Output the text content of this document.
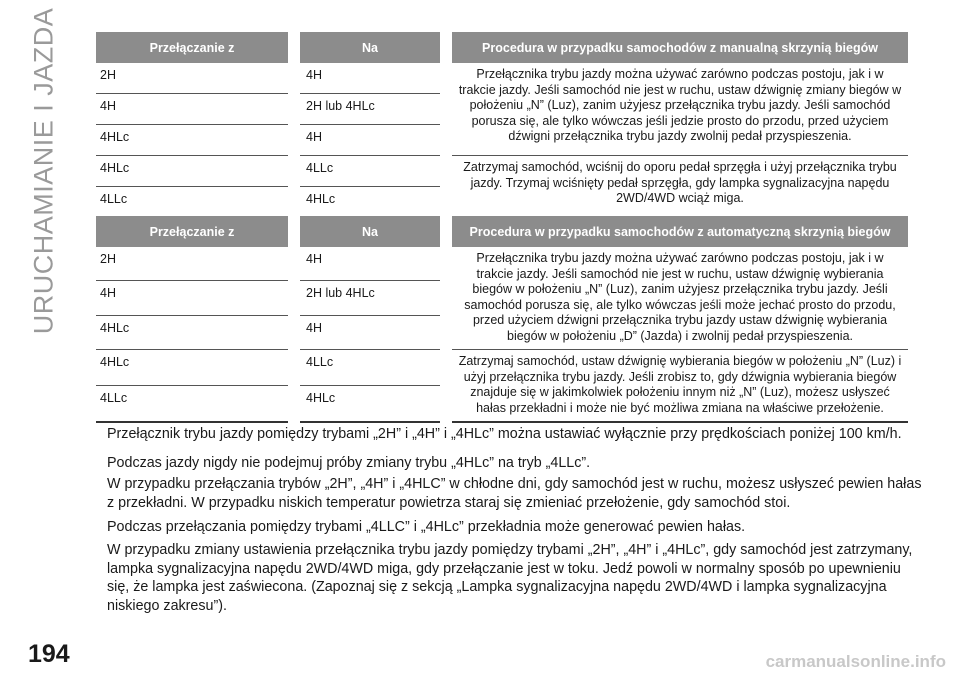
URUCHAMIANIE I JAZDA	Przełączanie z		Na		Procedura w przypadku samochodów z manualną skrzynią biegów
2H		4H		Przełącznika trybu jazdy można używać zarówno podczas postoju, jak i w trakcie jazdy. Jeśli samochód nie jest w ruchu, ustaw dźwignię zmiany biegów w położeniu „N” (Luz), zanim użyjesz przełącznika trybu jazdy. Jeśli samochód porusza się, ale tylko wówczas jeśli jedzie prosto do przodu, przed użyciem dźwigni przełącznika trybu jazdy zwolnij pedał przyspieszenia.
4H		2H lub 4HLc		
4HLc		4H		
4HLc		4LLc		Zatrzymaj samochód, wciśnij do oporu pedał sprzęgła i użyj przełącznika trybu jazdy. Trzymaj wciśnięty pedał sprzęgła, gdy lampka sygnalizacyjna napędu 2WD/4WD wciąż miga.
4LLc		4HLc		
Przełączanie z		Na		Procedura w przypadku samochodów z automatyczną skrzynią biegów
2H		4H		Przełącznika trybu jazdy można używać zarówno podczas postoju, jak i w trakcie jazdy. Jeśli samochód nie jest w ruchu, ustaw dźwignię wybierania biegów w położeniu „N” (Luz), zanim użyjesz przełącznika trybu jazdy. Jeśli samochód porusza się, ale tylko wówczas jeśli może jechać prosto do przodu, przed użyciem dźwigni przełącznika trybu jazdy ustaw dźwignię wybierania biegów w położeniu „D” (Jazda) i zwolnij pedał przyspieszenia.
4H		2H lub 4HLc		
4HLc		4H		
4HLc		4LLc		Zatrzymaj samochód, ustaw dźwignię wybierania biegów w położeniu „N” (Luz) i użyj przełącznika trybu jazdy. Jeśli zrobisz to, gdy dźwignia wybierania biegów znajduje się w jakimkolwiek położeniu innym niż „N” (Luz), możesz usłyszeć hałas przekładni i może nie być możliwa zmiana na właściwe przełożenie.
4LLc		4HLc		

Przełącznik trybu jazdy pomiędzy trybami „2H” i „4H” i „4HLc” można ustawiać wyłącznie przy prędkościach poniżej 100 km/h.

Podczas jazdy nigdy nie podejmuj próby zmiany trybu „4HLc” na tryb „4LLc”.

W przypadku przełączania trybów „2H”, „4H” i „4HLC” w chłodne dni, gdy samochód jest w ruchu, możesz usłyszeć pewien hałas z przekładni. W przypadku niskich temperatur powietrza staraj się zmieniać przełożenie, gdy samochód stoi.

Podczas przełączania pomiędzy trybami „4LLC” i „4HLc” przekładnia może generować pewien hałas.

W przypadku zmiany ustawienia przełącznika trybu jazdy pomiędzy trybami „2H”, „4H” i „4HLc”, gdy samochód jest zatrzymany, lampka sygnalizacyjna napędu 2WD/4WD miga, gdy przełączanie jest w toku. Jedź powoli w normalny sposób po upewnieniu się, że lampka jest zaświecona. (Zapoznaj się z sekcją „Lampka sygnalizacyjna napędu 2WD/4WD i lampka sygnalizacyjna niskiego zakresu”).

194	carmanualsonline.info
